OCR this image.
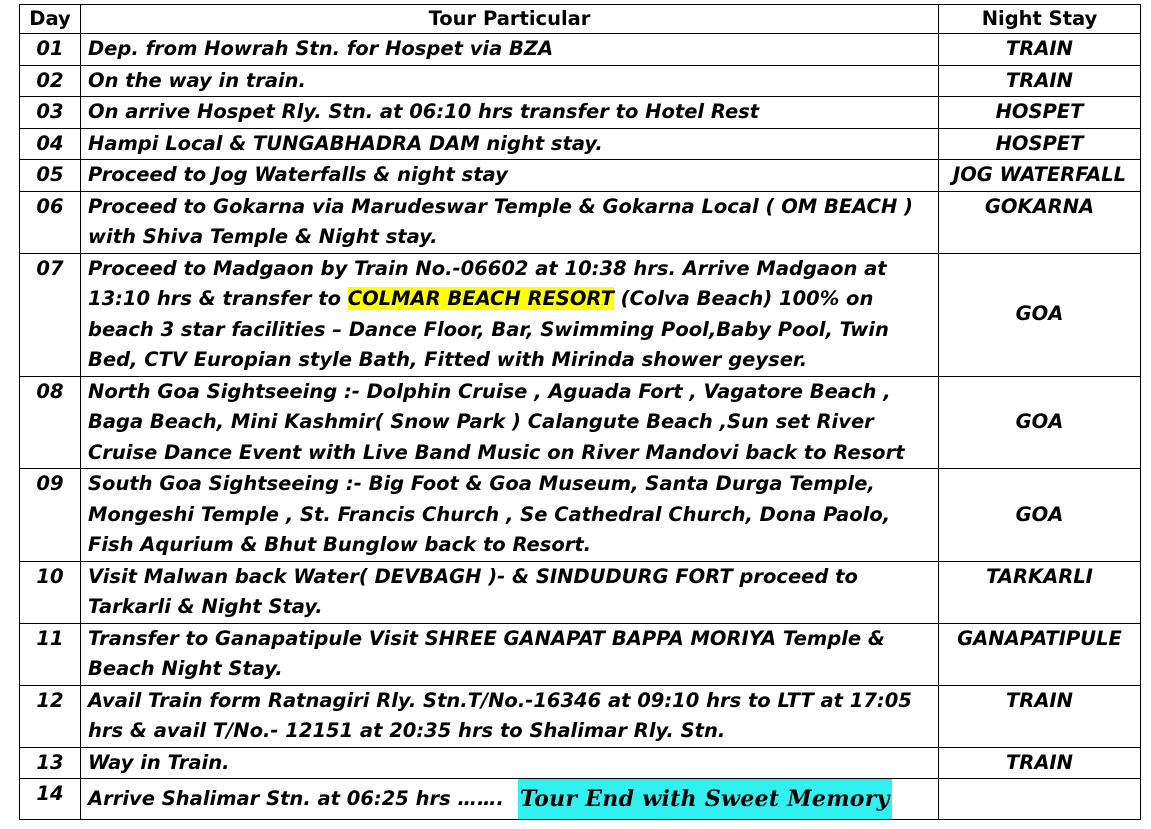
Day	Tour Particular	Night Stay
01	Dep. from Howrah Stn. for Hospet via BZA	TRAIN
02	On the way in train.	TRAIN
03	On arrive Hospet Rly. Stn. at 06:10 hrs transfer to Hotel Rest	HOSPET
04	Hampi Local & TUNGABHADRA DAM night stay.	HOSPET
05	Proceed to Jog Waterfalls & night stay	JOG WATERFALL
06	Proceed to Gokarna via Marudeswar Temple & Gokarna Local ( OM BEACH ) with Shiva Temple & Night stay.	GOKARNA
07	Proceed to Madgaon by Train No.-06602 at 10:38 hrs. Arrive Madgaon at 13:10 hrs & transfer to COLMAR BEACH RESORT (Colva Beach) 100% on beach 3 star facilities – Dance Floor, Bar, Swimming Pool,Baby Pool, Twin Bed, CTV Europian style Bath, Fitted with Mirinda shower geyser.	GOA
08	North Goa Sightseeing :- Dolphin Cruise , Aguada Fort , Vagatore Beach , Baga Beach, Mini Kashmir( Snow Park ) Calangute Beach ,Sun set River Cruise Dance Event with Live Band Music on River Mandovi back to Resort	GOA
09	South Goa Sightseeing :- Big Foot & Goa Museum, Santa Durga Temple, Mongeshi Temple , St. Francis Church , Se Cathedral Church, Dona Paolo, Fish Aqurium & Bhut Bunglow back to Resort.	GOA
10	Visit Malwan back Water( DEVBAGH )- & SINDUDURG FORT proceed to Tarkarli & Night Stay.	TARKARLI
11	Transfer to Ganapatipule Visit SHREE GANAPAT BAPPA MORIYA Temple & Beach Night Stay.	GANAPATIPULE
12	Avail Train form Ratnagiri Rly. Stn.T/No.-16346 at 09:10 hrs to LTT at 17:05 hrs & avail T/No.- 12151 at 20:35 hrs to Shalimar Rly. Stn.	TRAIN
13	Way in Train.	TRAIN
14	Arrive Shalimar Stn. at 06:25 hrs ……. Tour End with Sweet Memory	
